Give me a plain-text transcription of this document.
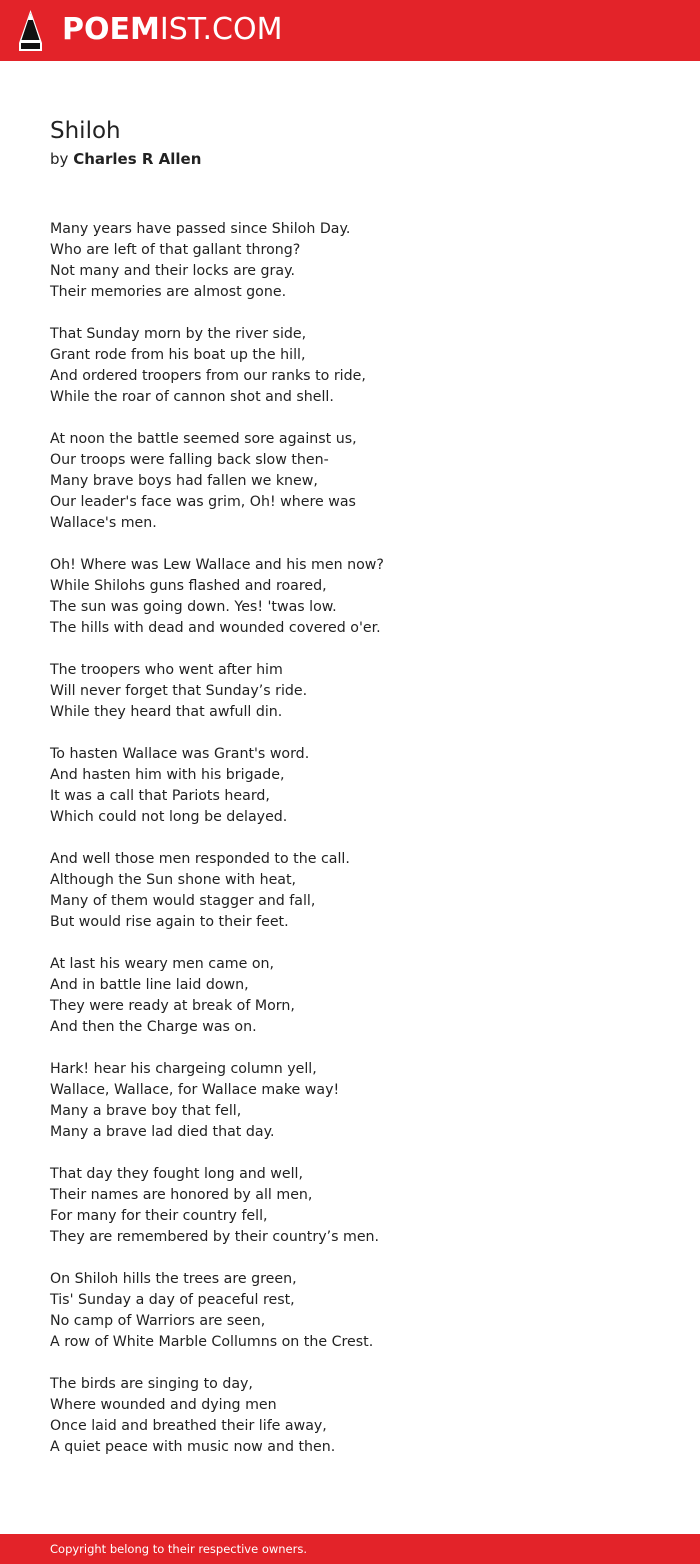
POEMIST.COM
Shiloh
by Charles R Allen
Many years have passed since Shiloh Day.
Who are left of that gallant throng?
Not many and their locks are gray.
Their memories are almost gone.
That Sunday morn by the river side,
Grant rode from his boat up the hill,
And ordered troopers from our ranks to ride,
While the roar of cannon shot and shell.
At noon the battle seemed sore against us,
Our troops were falling back slow then-
Many brave boys had fallen we knew,
Our leader's face was grim, Oh! where was
Wallace's men.
Oh! Where was Lew Wallace and his men now?
While Shilohs guns flashed and roared,
The sun was going down. Yes! 'twas low.
The hills with dead and wounded covered o'er.
The troopers who went after him
Will never forget that Sunday’s ride.
While they heard that awfull din.
To hasten Wallace was Grant's word.
And hasten him with his brigade,
It was a call that Pariots heard,
Which could not long be delayed.
And well those men responded to the call.
Although the Sun shone with heat,
Many of them would stagger and fall,
But would rise again to their feet.
At last his weary men came on,
And in battle line laid down,
They were ready at break of Morn,
And then the Charge was on.
Hark! hear his chargeing column yell,
Wallace, Wallace, for Wallace make way!
Many a brave boy that fell,
Many a brave lad died that day.
That day they fought long and well,
Their names are honored by all men,
For many for their country fell,
They are remembered by their country’s men.
On Shiloh hills the trees are green,
Tis' Sunday a day of peaceful rest,
No camp of Warriors are seen,
A row of White Marble Collumns on the Crest.
The birds are singing to day,
Where wounded and dying men
Once laid and breathed their life away,
A quiet peace with music now and then.
Copyright belong to their respective owners.
